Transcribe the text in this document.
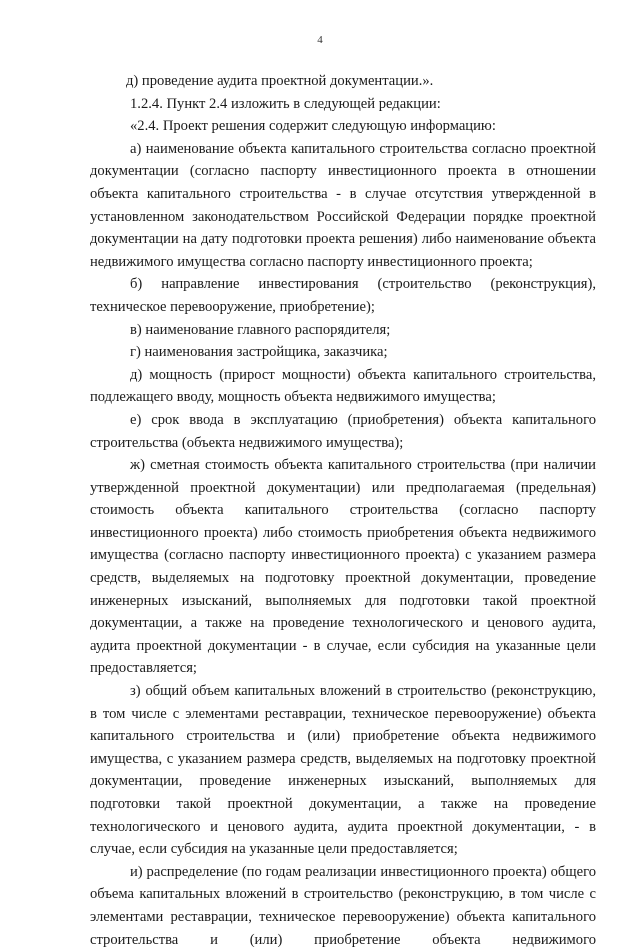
4

д) проведение аудита проектной документации.».

1.2.4. Пункт 2.4 изложить в следующей редакции:

«2.4. Проект решения содержит следующую информацию:

а) наименование объекта капитального строительства согласно проектной документации (согласно паспорту инвестиционного проекта в отношении объекта капитального строительства - в случае отсутствия утвержденной в установленном законодательством Российской Федерации порядке проектной документации на дату подготовки проекта решения) либо наименование объекта недвижимого имущества согласно паспорту инвестиционного проекта;

б) направление инвестирования (строительство (реконструкция), техническое перевооружение, приобретение);

в) наименование главного распорядителя;

г) наименования застройщика, заказчика;

д) мощность (прирост мощности) объекта капитального строительства, подлежащего вводу, мощность объекта недвижимого имущества;

е) срок ввода в эксплуатацию (приобретения) объекта капитального строительства (объекта недвижимого имущества);

ж) сметная стоимость объекта капитального строительства (при наличии утвержденной проектной документации) или предполагаемая (предельная) стоимость объекта капитального строительства (согласно паспорту инвестиционного проекта) либо стоимость приобретения объекта недвижимого имущества (согласно паспорту инвестиционного проекта) с указанием размера средств, выделяемых на подготовку проектной документации, проведение инженерных изысканий, выполняемых для подготовки такой проектной документации, а также на проведение технологического и ценового аудита, аудита проектной документации - в случае, если субсидия на указанные цели предоставляется;

з) общий объем капитальных вложений в строительство (реконструкцию, в том числе с элементами реставрации, техническое перевооружение) объекта капитального строительства и (или) приобретение объекта недвижимого имущества, с указанием размера средств, выделяемых на подготовку проектной документации, проведение инженерных изысканий, выполняемых для подготовки такой проектной документации, а также на проведение технологического и ценового аудита, аудита проектной документации, - в случае, если субсидия на указанные цели предоставляется;

и) распределение (по годам реализации инвестиционного проекта) общего объема капитальных вложений в строительство (реконструкцию, в том числе с элементами реставрации, техническое перевооружение) объекта капитального строительства и (или) приобретение объекта недвижимого
